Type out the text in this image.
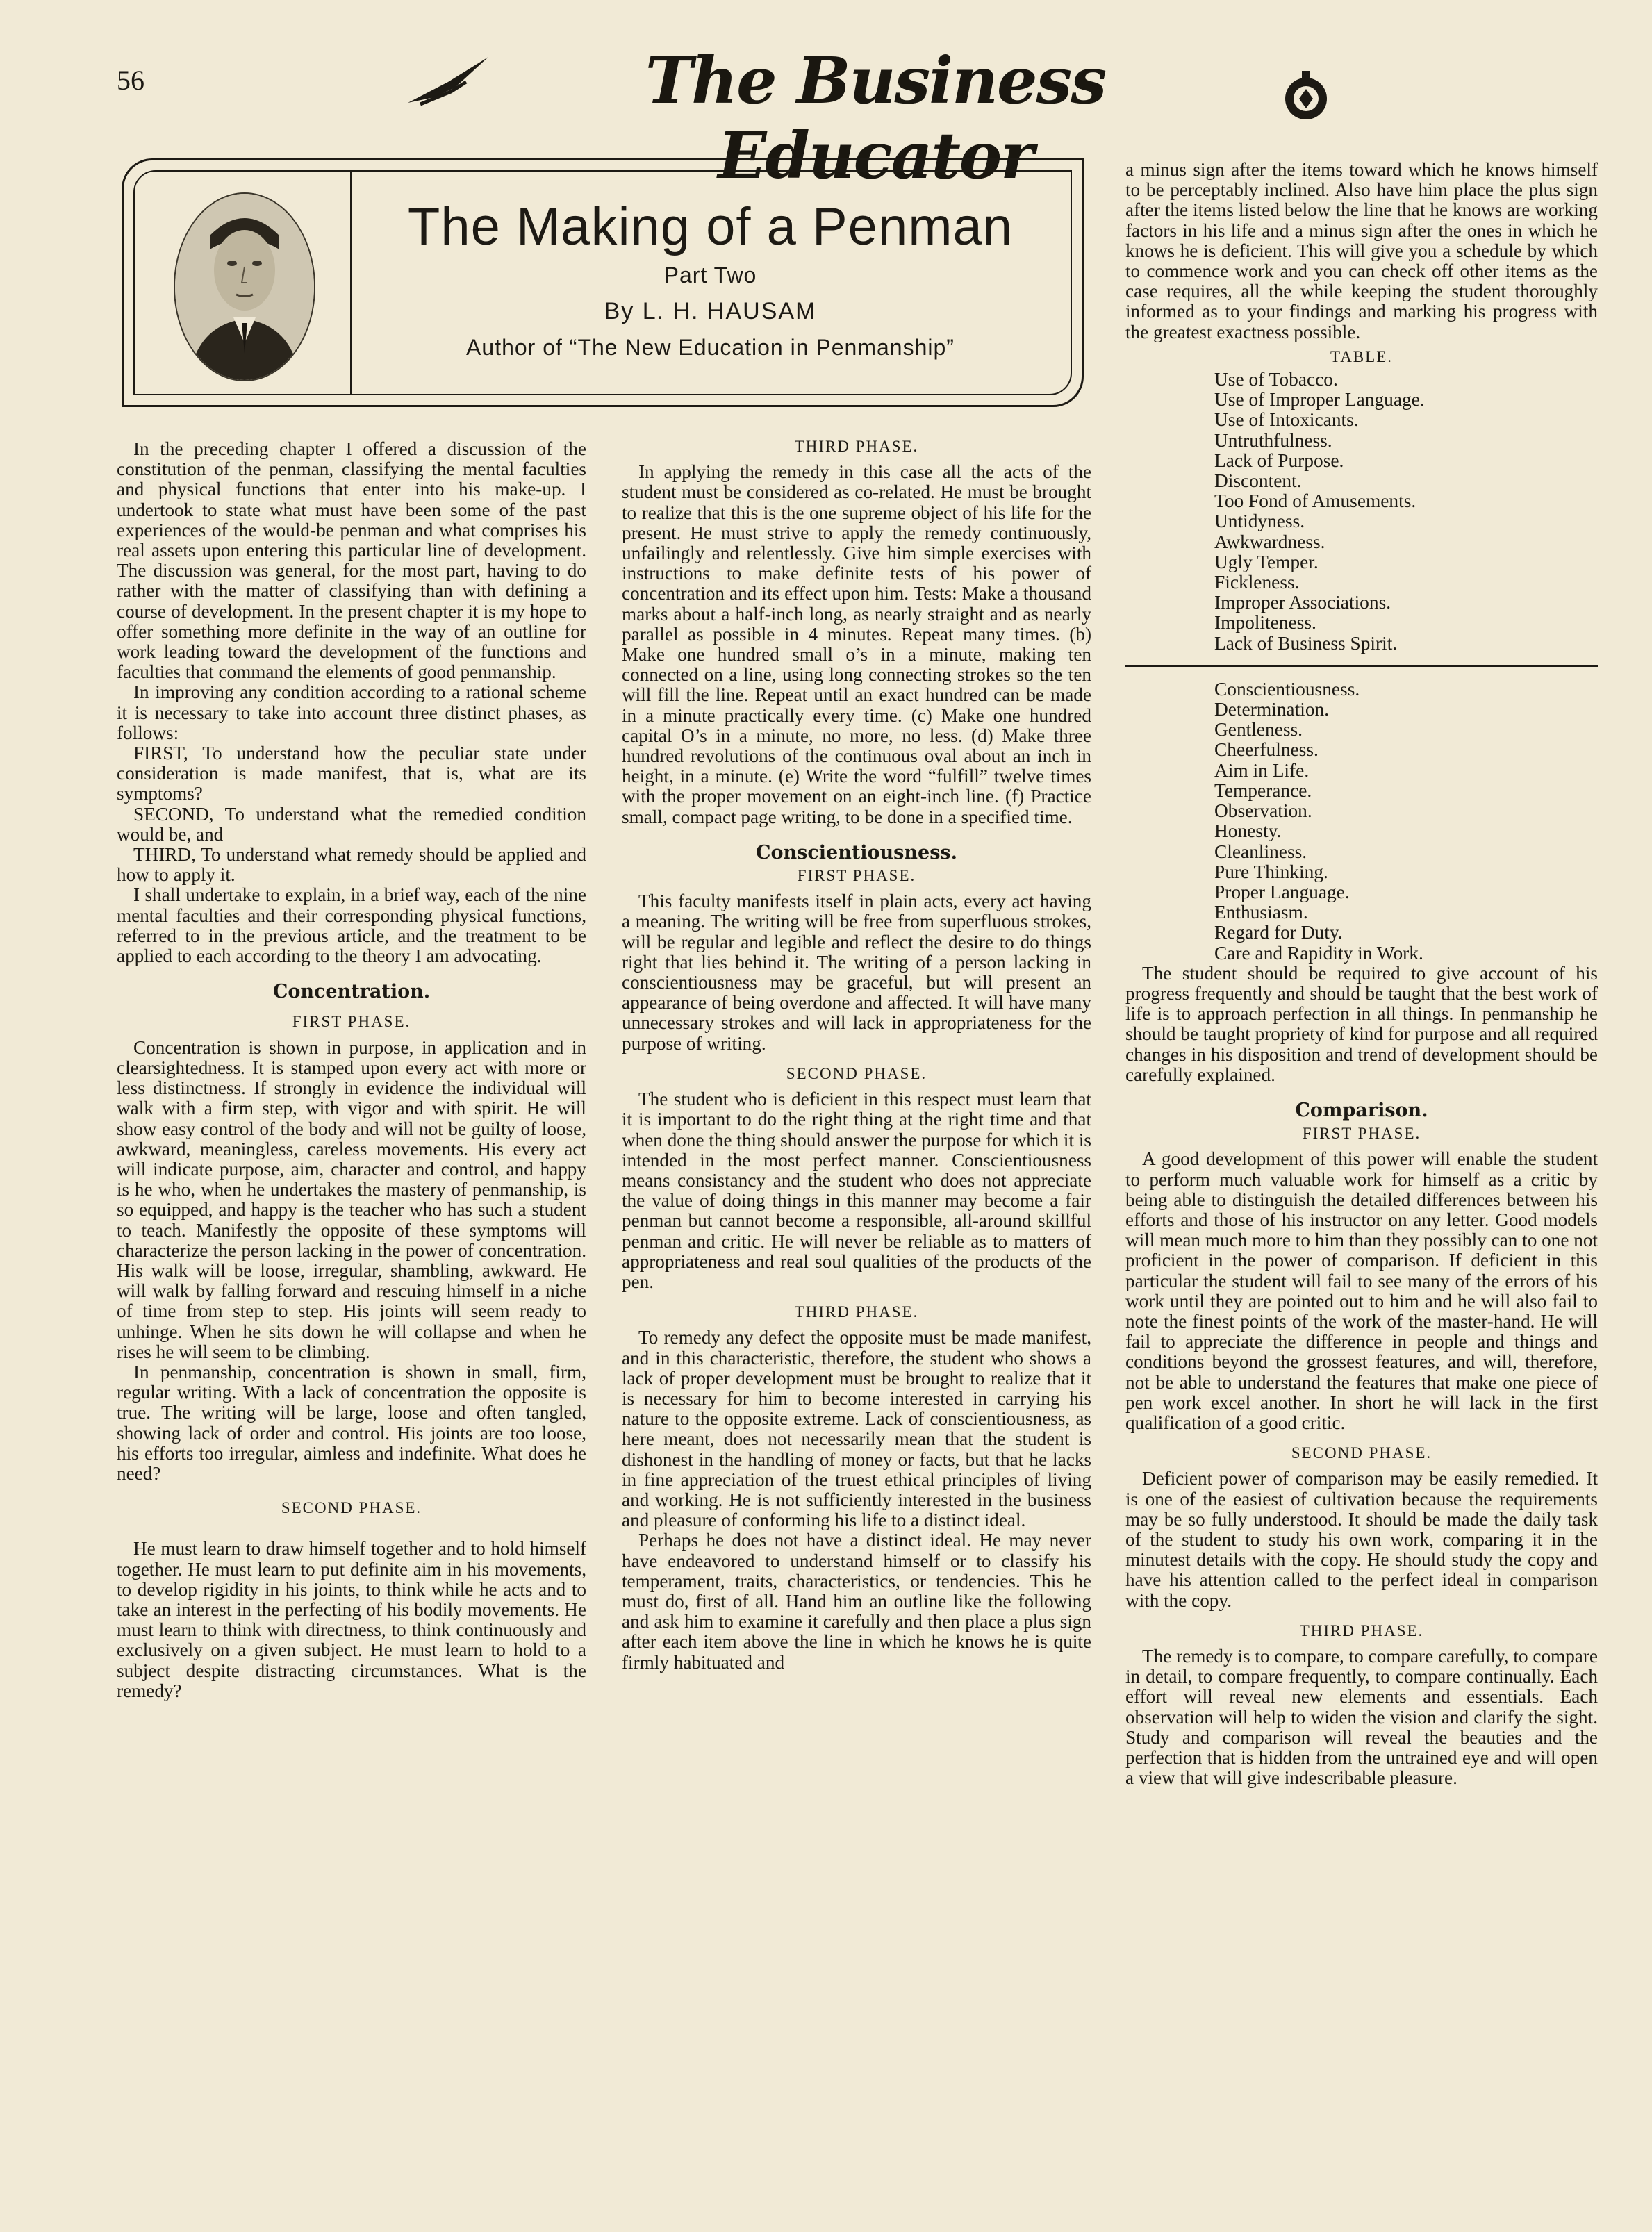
56	The Business Educator
The Making of a Penman
Part Two
By L. H. HAUSAM
Author of “The New Education in Penmanship”

In the preceding chapter I offered a discussion of the constitution of the penman, classifying the mental faculties and physical functions that enter into his make-up. I undertook to state what must have been some of the past experiences of the would-be penman and what comprises his real assets upon entering this particular line of development. The discussion was general, for the most part, having to do rather with the matter of classifying than with defining a course of development. In the present chapter it is my hope to offer something more definite in the way of an outline for work leading toward the development of the functions and faculties that command the elements of good penmanship.

In improving any condition according to a rational scheme it is necessary to take into account three distinct phases, as follows:

FIRST, To understand how the peculiar state under consideration is made manifest, that is, what are its symptoms?

SECOND, To understand what the remedied condition would be, and

THIRD, To understand what remedy should be applied and how to apply it.

I shall undertake to explain, in a brief way, each of the nine mental faculties and their corresponding physical functions, referred to in the previous article, and the treatment to be applied to each according to the theory I am advocating.

Concentration.
FIRST PHASE.

Concentration is shown in purpose, in application and in clearsightedness. It is stamped upon every act with more or less distinctness. If strongly in evidence the individual will walk with a firm step, with vigor and with spirit. He will show easy control of the body and will not be guilty of loose, awkward, meaningless, careless movements. His every act will indicate purpose, aim, character and control, and happy is he who, when he undertakes the mastery of penmanship, is so equipped, and happy is the teacher who has such a student to teach. Manifestly the opposite of these symptoms will characterize the person lacking in the power of concentration. His walk will be loose, irregular, shambling, awkward. He will walk by falling forward and rescuing himself in a niche of time from step to step. His joints will seem ready to unhinge. When he sits down he will collapse and when he rises he will seem to be climbing.

In penmanship, concentration is shown in small, firm, regular writing. With a lack of concentration the opposite is true. The writing will be large, loose and often tangled, showing lack of order and control. His joints are too loose, his efforts too irregular, aimless and indefinite. What does he need?

SECOND PHASE.

He must learn to draw himself together and to hold himself together. He must learn to put definite aim in his movements, to develop rigidity in his joints, to think while he acts and to take an interest in the perfecting of his bodily movements. He must learn to think with directness, to think continuously and exclusively on a given subject. He must learn to hold to a subject despite distracting circumstances. What is the remedy?

THIRD PHASE.

In applying the remedy in this case all the acts of the student must be considered as co-related. He must be brought to realize that this is the one supreme object of his life for the present. He must strive to apply the remedy continuously, unfailingly and relentlessly. Give him simple exercises with instructions to make definite tests of his power of concentration and its effect upon him. Tests: Make a thousand marks about a half-inch long, as nearly straight and as nearly parallel as possible in 4 minutes. Repeat many times. (b) Make one hundred small o’s in a minute, making ten connected on a line, using long connecting strokes so the ten will fill the line. Repeat until an exact hundred can be made in a minute practically every time. (c) Make one hundred capital O’s in a minute, no more, no less. (d) Make three hundred revolutions of the continuous oval about an inch in height, in a minute. (e) Write the word “fulfill” twelve times with the proper movement on an eight-inch line. (f) Practice small, compact page writing, to be done in a specified time.

Conscientiousness.
FIRST PHASE.

This faculty manifests itself in plain acts, every act having a meaning. The writing will be free from superfluous strokes, will be regular and legible and reflect the desire to do things right that lies behind it. The writing of a person lacking in conscientiousness may be graceful, but will present an appearance of being overdone and affected. It will have many unnecessary strokes and will lack in appropriateness for the purpose of writing.

SECOND PHASE.

The student who is deficient in this respect must learn that it is important to do the right thing at the right time and that when done the thing should answer the purpose for which it is intended in the most perfect manner. Conscientiousness means consistancy and the student who does not appreciate the value of doing things in this manner may become a fair penman but cannot become a responsible, all-around skillful penman and critic. He will never be reliable as to matters of appropriateness and real soul qualities of the products of the pen.

THIRD PHASE.

To remedy any defect the opposite must be made manifest, and in this characteristic, therefore, the student who shows a lack of proper development must be brought to realize that it is necessary for him to become interested in carrying his nature to the opposite extreme. Lack of conscientiousness, as here meant, does not necessarily mean that the student is dishonest in the handling of money or facts, but that he lacks in fine appreciation of the truest ethical principles of living and working. He is not sufficiently interested in the business and pleasure of conforming his life to a distinct ideal.

Perhaps he does not have a distinct ideal. He may never have endeavored to understand himself or to classify his temperament, traits, characteristics, or tendencies. This he must do, first of all. Hand him an outline like the following and ask him to examine it carefully and then place a plus sign after each item above the line in which he knows he is quite firmly habituated and

a minus sign after the items toward which he knows himself to be perceptably inclined. Also have him place the plus sign after the items listed below the line that he knows are working factors in his life and a minus sign after the ones in which he knows he is deficient. This will give you a schedule by which to commence work and you can check off other items as the case requires, all the while keeping the student thoroughly informed as to your findings and marking his progress with the greatest exactness possible.

TABLE.
Use of Tobacco.
Use of Improper Language.
Use of Intoxicants.
Untruthfulness.
Lack of Purpose.
Discontent.
Too Fond of Amusements.
Untidyness.
Awkwardness.
Ugly Temper.
Fickleness.
Improper Associations.
Impoliteness.
Lack of Business Spirit.
Conscientiousness.
Determination.
Gentleness.
Cheerfulness.
Aim in Life.
Temperance.
Observation.
Honesty.
Cleanliness.
Pure Thinking.
Proper Language.
Enthusiasm.
Regard for Duty.
Care and Rapidity in Work.

The student should be required to give account of his progress frequently and should be taught that the best work of life is to approach perfection in all things. In penmanship he should be taught propriety of kind for purpose and all required changes in his disposition and trend of development should be carefully explained.

Comparison.
FIRST PHASE.

A good development of this power will enable the student to perform much valuable work for himself as a critic by being able to distinguish the detailed differences between his efforts and those of his instructor on any letter. Good models will mean much more to him than they possibly can to one not proficient in the power of comparison. If deficient in this particular the student will fail to see many of the errors of his work until they are pointed out to him and he will also fail to note the finest points of the work of the master-hand. He will fail to appreciate the difference in people and things and conditions beyond the grossest features, and will, therefore, not be able to understand the features that make one piece of pen work excel another. In short he will lack in the first qualification of a good critic.

SECOND PHASE.

Deficient power of comparison may be easily remedied. It is one of the easiest of cultivation because the requirements may be so fully understood. It should be made the daily task of the student to study his own work, comparing it in the minutest details with the copy. He should study the copy and have his attention called to the perfect ideal in comparison with the copy.

THIRD PHASE.

The remedy is to compare, to compare carefully, to compare in detail, to compare frequently, to compare continually. Each effort will reveal new elements and essentials. Each observation will help to widen the vision and clarify the sight. Study and comparison will reveal the beauties and the perfection that is hidden from the untrained eye and will open a view that will give indescribable pleasure.
